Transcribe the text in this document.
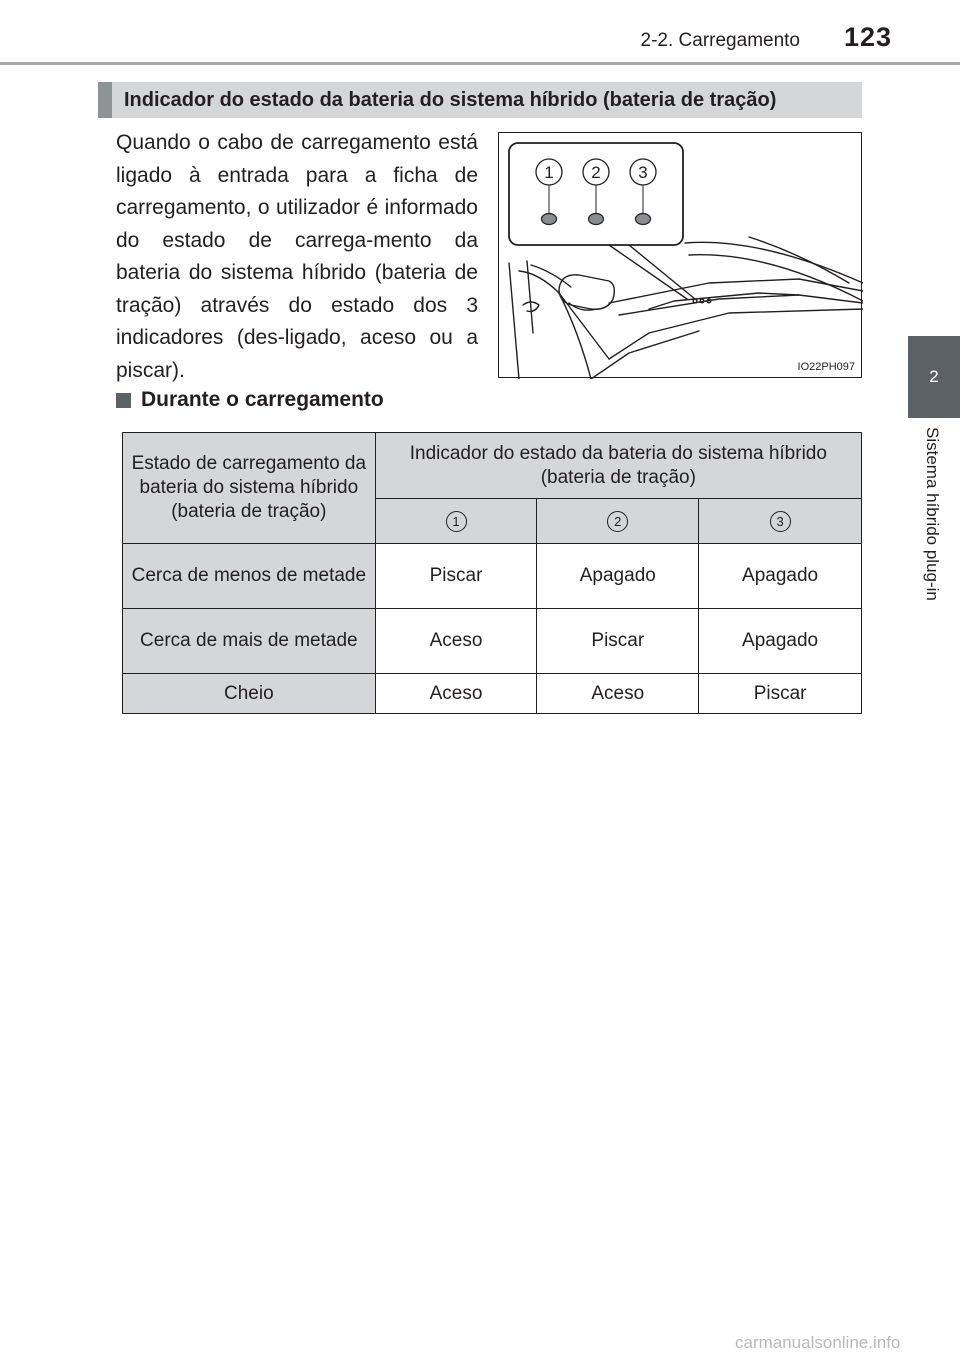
2-2. Carregamento	123
2
Sistema híbrido plug-in
Indicador do estado da bateria do sistema híbrido (bateria de tração)
Quando o cabo de carregamento está ligado à entrada para a ficha de carregamento, o utilizador é informado do estado de carrega-mento da bateria do sistema híbrido (bateria de tração) através do estado dos 3 indicadores (des-ligado, aceso ou a piscar).
1 2 3
IO22PH097
Durante o carregamento
Estado de carregamento da bateria do sistema híbrido (bateria de tração)	Indicador do estado da bateria do sistema híbrido (bateria de tração)		
	1	2	3
Cerca de menos de metade	Piscar	Apagado	Apagado
Cerca de mais de metade	Aceso	Piscar	Apagado
Cheio	Aceso	Aceso	Piscar
carmanualsonline.info
